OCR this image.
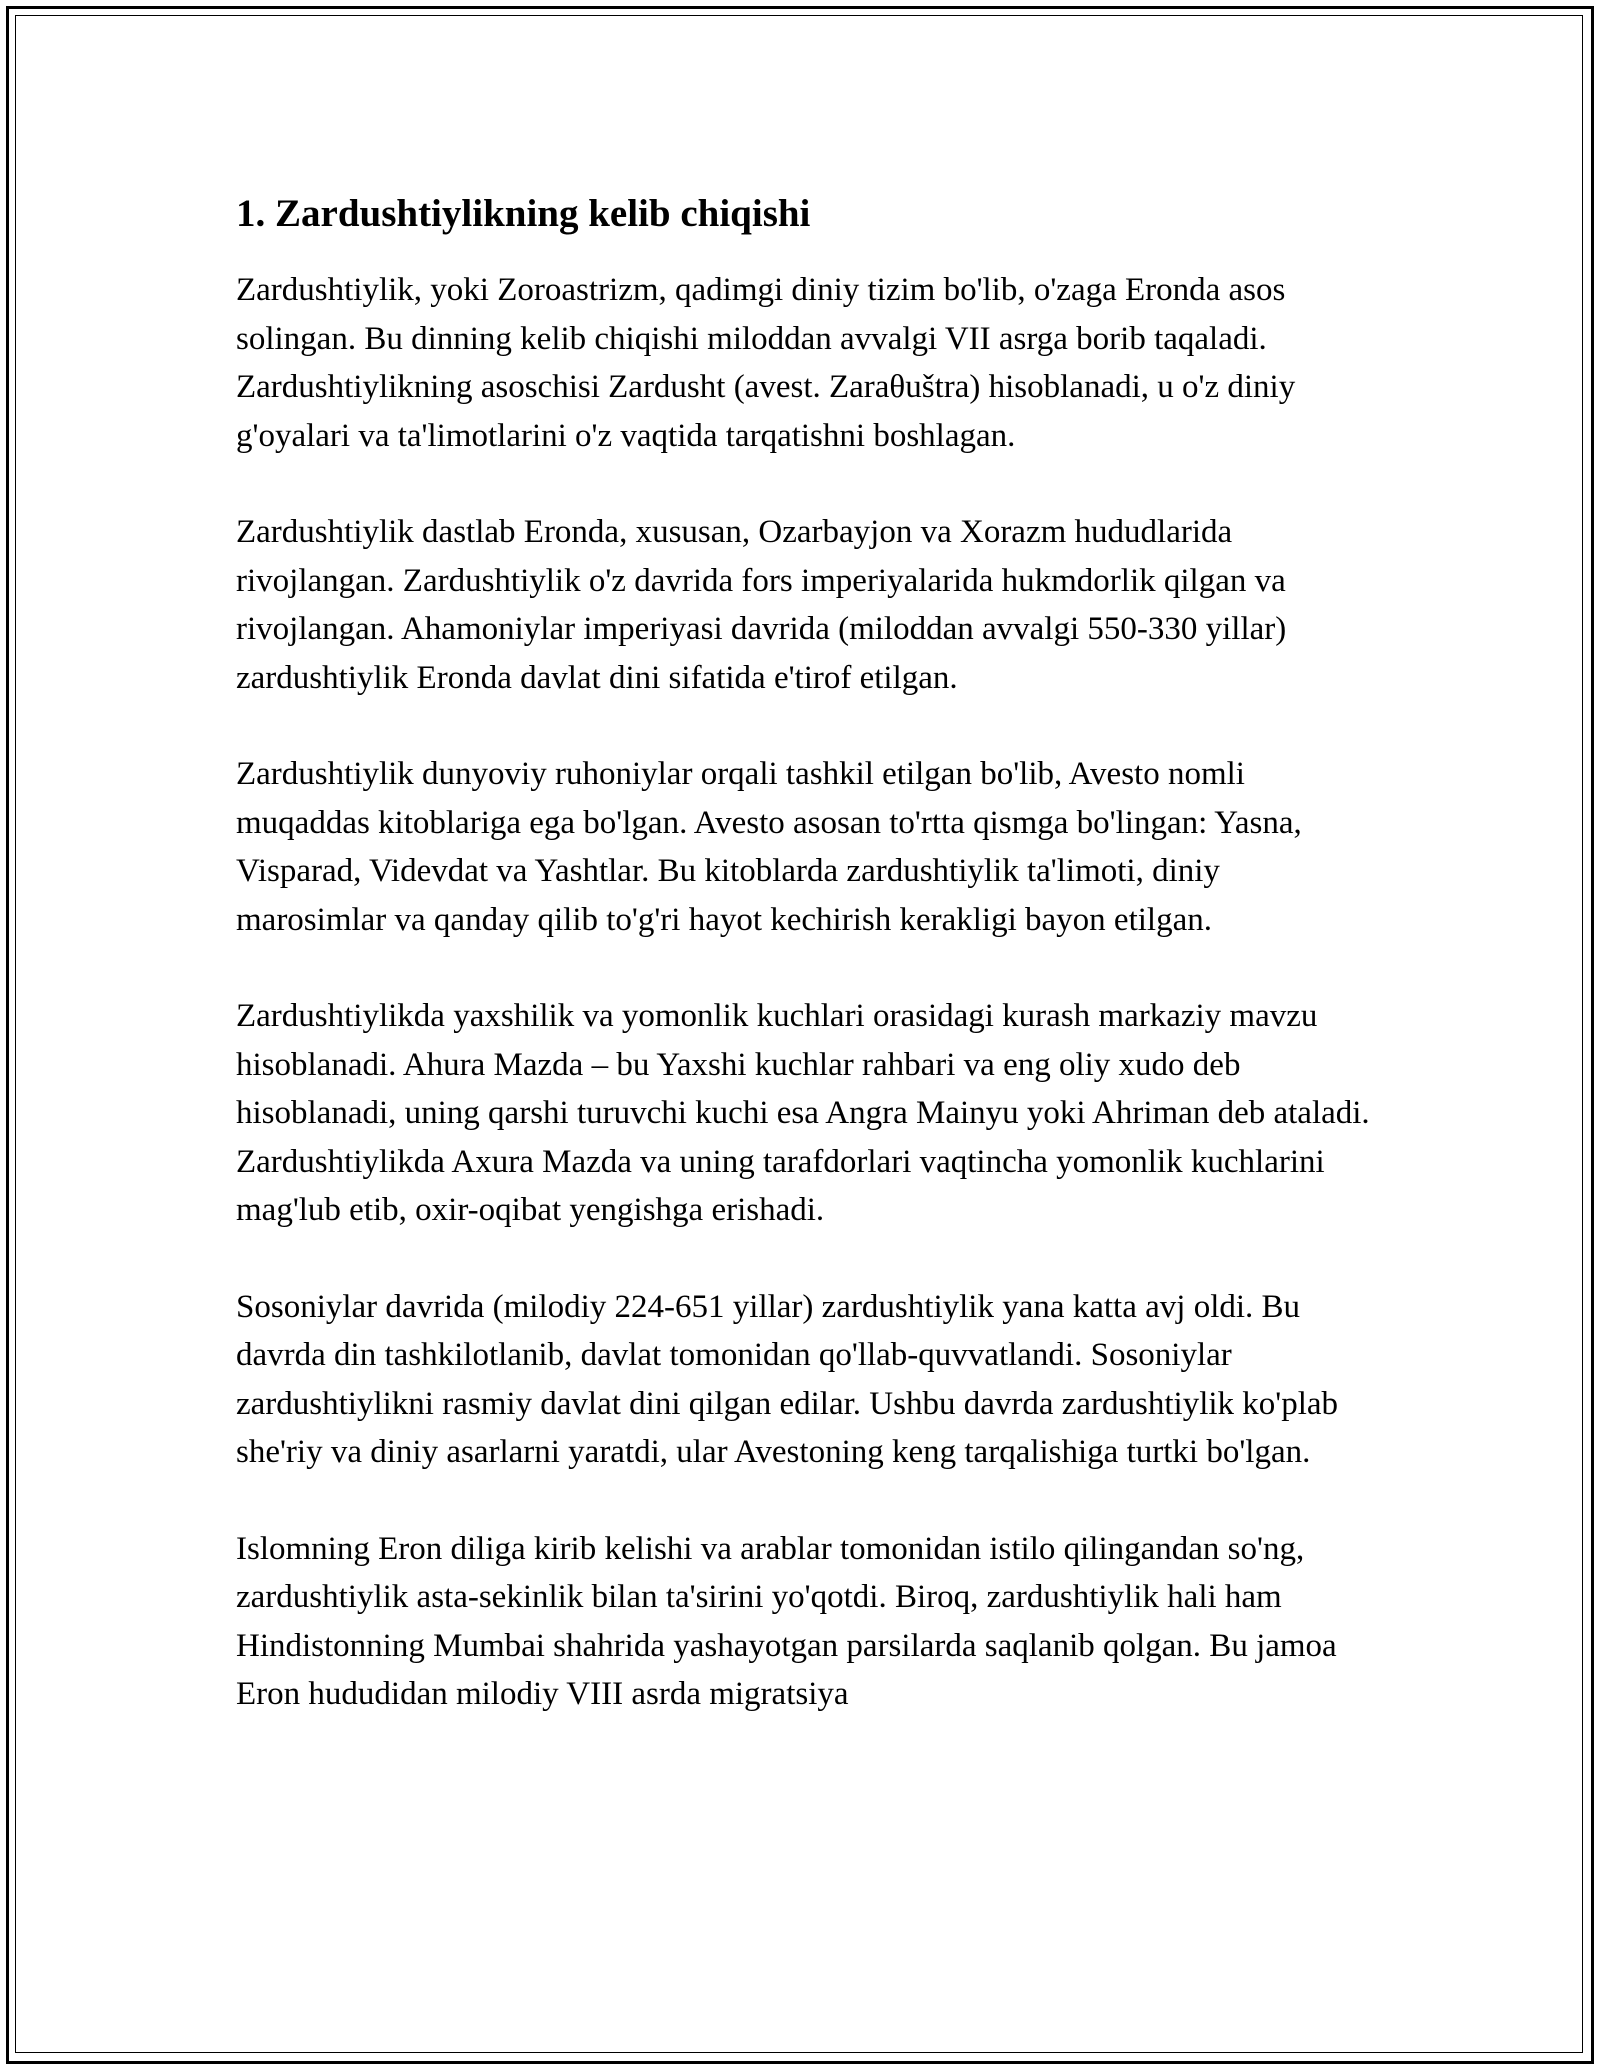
1. Zardushtiylikning kelib chiqishi

Zardushtiylik, yoki Zoroastrizm, qadimgi diniy tizim bo'lib, o'zaga Eronda asos solingan. Bu dinning kelib chiqishi miloddan avvalgi VII asrga borib taqaladi. Zardushtiylikning asoschisi Zardusht (avest. Zaraθuštra) hisoblanadi, u o'z diniy g'oyalari va ta'limotlarini o'z vaqtida tarqatishni boshlagan.

Zardushtiylik dastlab Eronda, xususan, Ozarbayjon va Xorazm hududlarida rivojlangan. Zardushtiylik o'z davrida fors imperiyalarida hukmdorlik qilgan va rivojlangan. Ahamoniylar imperiyasi davrida (miloddan avvalgi 550-330 yillar) zardushtiylik Eronda davlat dini sifatida e'tirof etilgan.

Zardushtiylik dunyoviy ruhoniylar orqali tashkil etilgan bo'lib, Avesto nomli muqaddas kitoblariga ega bo'lgan. Avesto asosan to'rtta qismga bo'lingan: Yasna, Visparad, Videvdat va Yashtlar. Bu kitoblarda zardushtiylik ta'limoti, diniy marosimlar va qanday qilib to'g'ri hayot kechirish kerakligi bayon etilgan.

Zardushtiylikda yaxshilik va yomonlik kuchlari orasidagi kurash markaziy mavzu hisoblanadi. Ahura Mazda – bu Yaxshi kuchlar rahbari va eng oliy xudo deb hisoblanadi, uning qarshi turuvchi kuchi esa Angra Mainyu yoki Ahriman deb ataladi. Zardushtiylikda Axura Mazda va uning tarafdorlari vaqtincha yomonlik kuchlarini mag'lub etib, oxir-oqibat yengishga erishadi.

Sosoniylar davrida (milodiy 224-651 yillar) zardushtiylik yana katta avj oldi. Bu davrda din tashkilotlanib, davlat tomonidan qo'llab-quvvatlandi. Sosoniylar zardushtiylikni rasmiy davlat dini qilgan edilar. Ushbu davrda zardushtiylik ko'plab she'riy va diniy asarlarni yaratdi, ular Avestoning keng tarqalishiga turtki bo'lgan.

Islomning Eron diliga kirib kelishi va arablar tomonidan istilo qilingandan so'ng, zardushtiylik asta-sekinlik bilan ta'sirini yo'qotdi. Biroq, zardushtiylik hali ham Hindistonning Mumbai shahrida yashayotgan parsilarda saqlanib qolgan. Bu jamoa Eron hududidan milodiy VIII asrda migratsiya
